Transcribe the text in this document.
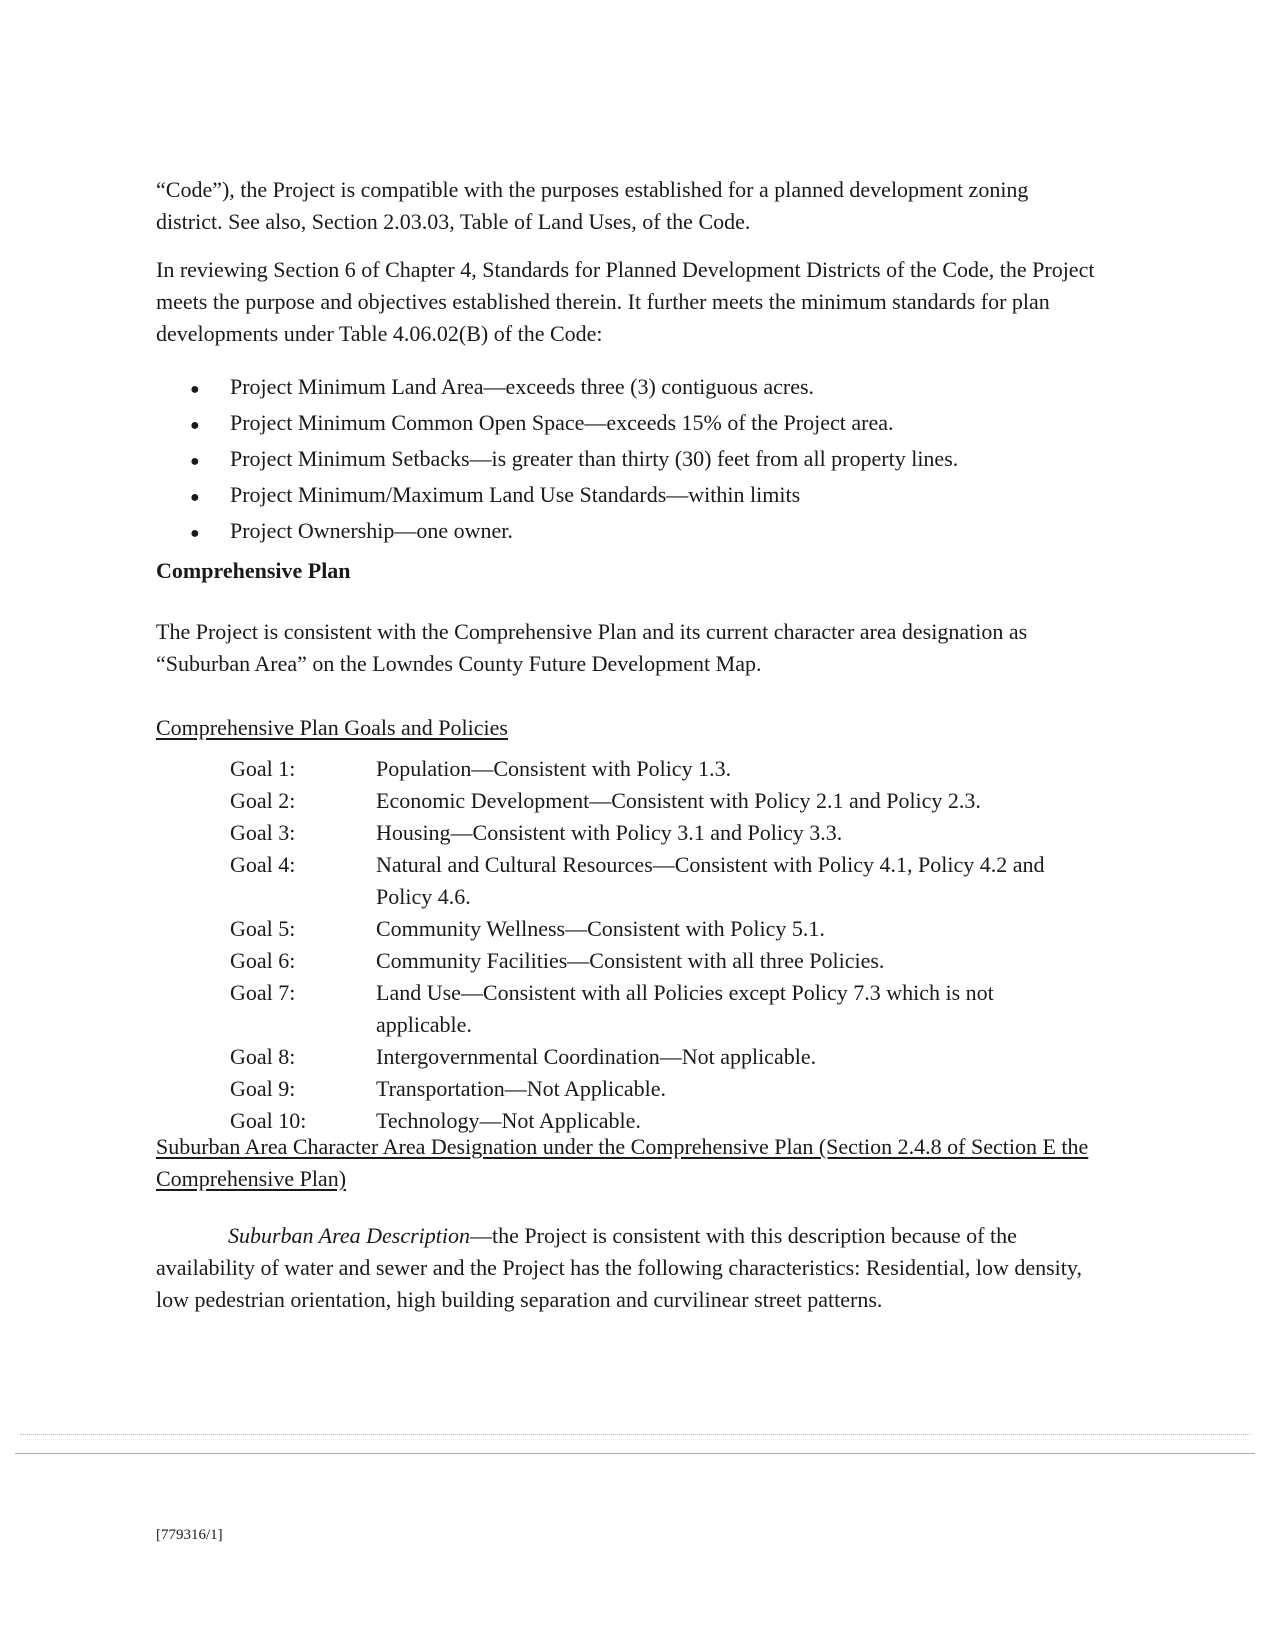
“Code”), the Project is compatible with the purposes established for a planned development zoning district. See also, Section 2.03.03, Table of Land Uses, of the Code.

In reviewing Section 6 of Chapter 4, Standards for Planned Development Districts of the Code, the Project meets the purpose and objectives established therein. It further meets the minimum standards for plan developments under Table 4.06.02(B) of the Code:

●	Project Minimum Land Area—exceeds three (3) contiguous acres.
●	Project Minimum Common Open Space—exceeds 15% of the Project area.
●	Project Minimum Setbacks—is greater than thirty (30) feet from all property lines.
●	Project Minimum/Maximum Land Use Standards—within limits
●	Project Ownership—one owner.
Comprehensive Plan

The Project is consistent with the Comprehensive Plan and its current character area designation as “Suburban Area” on the Lowndes County Future Development Map.

Comprehensive Plan Goals and Policies
Goal 1:	Population—Consistent with Policy 1.3.
Goal 2:	Economic Development—Consistent with Policy 2.1 and Policy 2.3.
Goal 3:	Housing—Consistent with Policy 3.1 and Policy 3.3.
Goal 4:	Natural and Cultural Resources—Consistent with Policy 4.1, Policy 4.2 and Policy 4.6.
Goal 5:	Community Wellness—Consistent with Policy 5.1.
Goal 6:	Community Facilities—Consistent with all three Policies.
Goal 7:	Land Use—Consistent with all Policies except Policy 7.3 which is not applicable.
Goal 8:	Intergovernmental Coordination—Not applicable.
Goal 9:	Transportation—Not Applicable.
Goal 10:	Technology—Not Applicable.
Suburban Area Character Area Designation under the Comprehensive Plan (Section 2.4.8 of Section E the Comprehensive Plan)

Suburban Area Description—the Project is consistent with this description because of the availability of water and sewer and the Project has the following characteristics: Residential, low density, low pedestrian orientation, high building separation and curvilinear street patterns.

[779316/1]
